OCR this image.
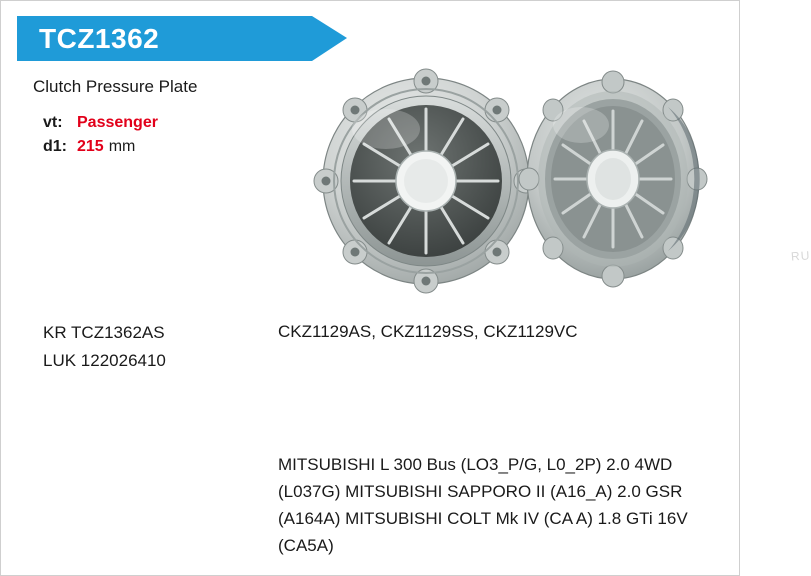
TCZ1362
Clutch Pressure Plate
vt: Passenger
d1: 215 mm
RU
KR TCZ1362AS
LUK 122026410
CKZ1129AS, CKZ1129SS, CKZ1129VC
MITSUBISHI L 300 Bus (LO3_P/G, L0_2P) 2.0 4WD (L037G) MITSUBISHI SAPPORO II (A16_A) 2.0 GSR (A164A) MITSUBISHI COLT Mk IV (CA A) 1.8 GTi 16V (CA5A)
